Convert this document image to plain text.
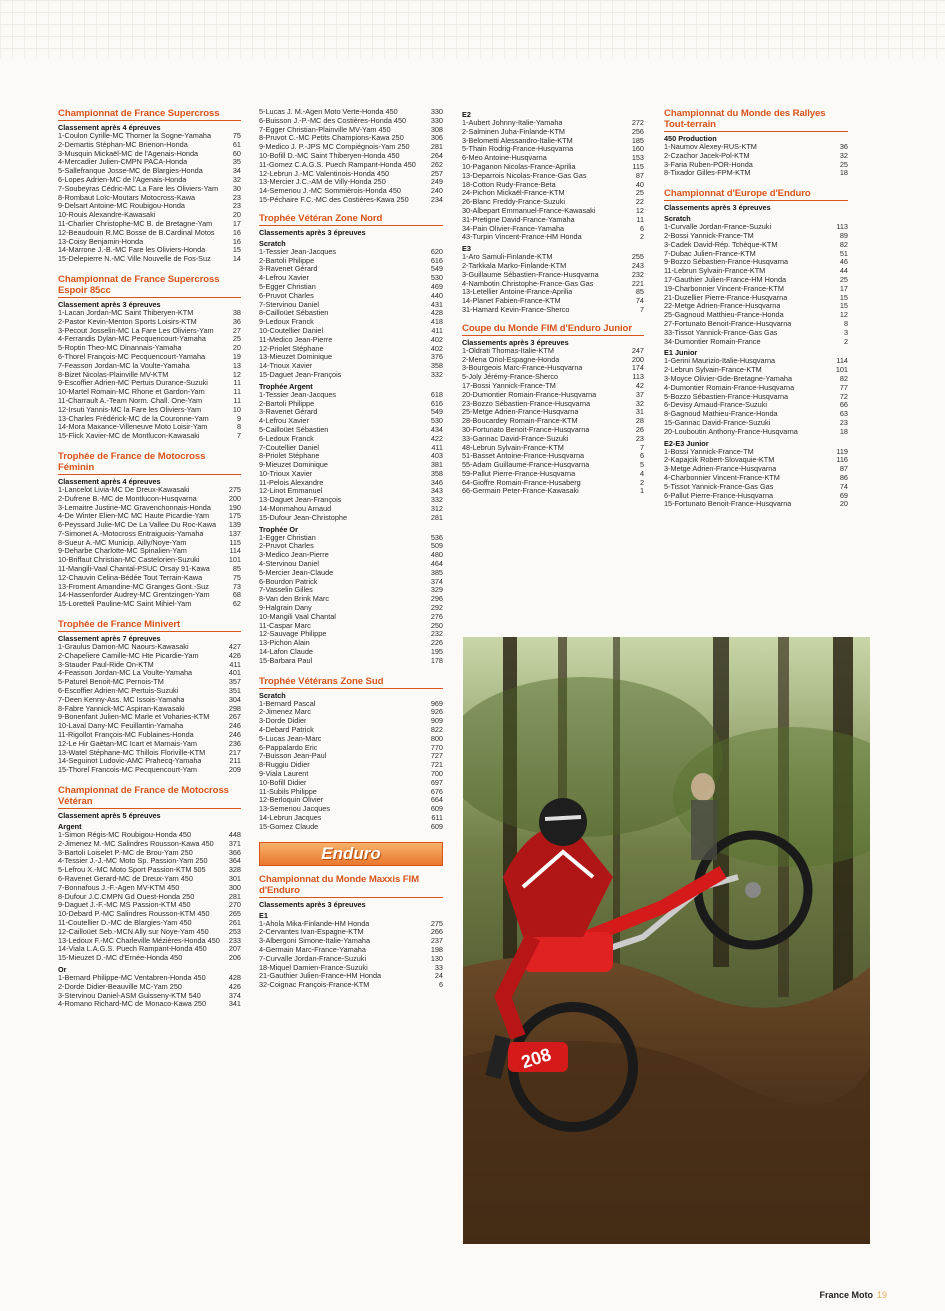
Championnat de France Supercross
Classement après 4 épreuves
1-Coulon Cyrille-MC Thorner la Sogne-Yamaha	75
2-Demartis Stéphan-MC Brienon-Honda	61
3-Musquin Mickaël-MC de l'Agenais-Honda	60
4-Mercadier Julien-CMPN PACA-Honda	35
5-Sallefranque Josse-MC de Blargies-Honda	34
6-Lopes Adrien-MC de l'Agenais-Honda	32
7-Soubeyras Cédric-MC La Fare les Oliviers-Yam 30
8-Rombaut Loïc-Moutars Motocross-Kawa	23
9-Delsart Antoine-MC Roubigou-Honda	23
10-Rouis Alexandre-Kawasaki	20
11-Charlier Christophe-MC B. de Bretagne-Yam	17
12-Beaudouin R.MC Bosse de B.Cardinal Motos	16
13-Coisy Benjamin-Honda	16
14-Marrone J.-B.-MC Fare les Oliviers-Honda	15
15-Delepierre N.-MC Ville Nouvelle de Fos-Suz	14
Championnat de France Supercross Espoir 85cc
Classement après 3 épreuves
1-Lacan Jordan-MC Saint Thiberyen-KTM	38
2-Pastor Kevin-Menton Sports Loisirs-KTM	36
3-Pecout Josselin-MC La Fare Les Oliviers-Yam	27
4-Ferrandis Dylan-MC Pecquencourt-Yamaha	25
5-Roptin Theo-MC Dinannais-Yamaha	20
6-Thorel François-MC Pecquencourt-Yamaha	19
7-Feasson Jordan-MC la Voulte-Yamaha	13
8-Bizet Nicolas-Plainville MV-KTM	12
9-Escoffier Adrien-MC Pertuis Durance-Suzuki	11
10-Martel Romain-MC Rhone et Gardon-Yam	11
11-Charrault A.-Team Norm. Chall. One-Yam	11
12-Irsuti Yannis-MC la Fare les Oliviers-Yam	10
13-Charles Frédérick-MC de la Couronne-Yam	9
14-Mora Maxance-Villeneuve Moto Loisir-Yam	8
15-Flick Xavier-MC de Montlucon-Kawasaki	7
Trophée de France de Motocross Féminin
Classement après 4 épreuves
1-Lancelot Livia-MC De Dreux-Kawasaki	275
2-Dufrene B.-MC de Montlucon-Husqvarna	200
3-Lemaitre Justine-MC Gravenchonnais-Honda 190
4-De Winter Elien-MC MC Haute Picardie-Yam	175
6-Peyssard Julie-MC De La Vallee Du Roc-Kawa 139
7-Simonet A.-Motocross Entraiguois-Yamaha	137
8-Sueur A.-MC Municip. Ailly/Noye-Yam	115
9-Deharbe Charlotte-MC Spinalien-Yam	114
10-Briffaut Christian-MC Castelorien-Suzuki	101
11-Mangili-Vaal Chantal-PSUC Orsay 91-Kawa	85
12-Chauvin Celina-Bédée Tout Terrain-Kawa	75
13-Froment Amandine-MC Granges Gont.-Suz	73
14-Hassenforder Audrey-MC Grentzingen-Yam	68
15-Loretteli Pauline-MC Saint Mihiel-Yam	62
Trophée de France Minivert
Classement après 7 épreuves
1-Graulus Damon-MC Naours-Kawasaki	427
2-Chapeliere Camille-MC Hte Picardie-Yam	426
3-Stauder Paul-Ride On-KTM	411
4-Feasson Jordan-MC La Voulte-Yamaha	401
5-Paturel Benoit-MC Pernois-TM	357
6-Escoffier Adrien-MC Pertuis-Suzuki	351
7-Deen Kenny-Ass. MC Issois-Yamaha	304
8-Fabre Yannick-MC Aspiran-Kawasaki	298
9-Bonenfant Julien-MC Marle et Voharies-KTM	267
10-Laval Dany-MC Feuillantin-Yamaha	246
11-Rigollot François-MC Fublaines-Honda	246
12-Le Hir Gaëtan-MC Icart et Marnais-Yam	236
13-Watel Stéphane-MC Thillois Floriville-KTM	217
14-Seguinot Ludovic-AMC Prahecq-Yamaha	211
15-Thorel Francois-MC Pecquencourt-Yam	209
Championnat de France de Motocross Vétéran
Classement après 5 épreuves
Argent
1-Simon Régis-MC Roubigou-Honda 450	448
2-Jimenez M.-MC Salindres Rousson-Kawa 450 371
3-Bartoli Loiselet P.-MC de Brou-Yam 250	366
4-Tessier J.-J.-MC Moto Sp. Passion-Yam 250	364
5-Lefrou X.-MC Moto Sport Passion-KTM 505	328
6-Ravenet Gerard-MC de Dreux-Yam 450	301
7-Bonnafous J.-F.-Agen MV-KTM 450	300
8-Dufour J.C.CMPN Gd Ouest-Honda 250	281
9-Daguet J.-F.-MC MS Passion-KTM 450	270
10-Debard P.-MC Salindres Rousson-KTM 450	265
11-Coutellier D.-MC de Blargies-Yam 450	261
12-Cailloüet Seb.-MCN Ally sur Noye-Yam 450	253
13-Ledoux F.-MC Charleville Mézières-Honda 450 233
14-Viala L.A.G.S. Puech Rampant-Honda 450	207
15-Mieuzet D.-MC d'Ernée-Honda 450	206
Or
1-Bernard Philippe-MC Ventabren-Honda 450	428
2-Dorde Didier-Beauville MC-Yam 250	426
3-Stervinou Daniel-ASM Guisseny-KTM 540	374
4-Romano Richard-MC de Monaco-Kawa 250	341
5-Lucas J. M.-Agen Moto Verte-Honda 450	330
6-Buisson J.-P.-MC des Costières-Honda 450	330
7-Egger Christian-Plainville MV-Yam 450	308
8-Pruvot C.-MC Petits Champions-Kawa 250	306
9-Medico J. P.-JPS MC Compiégnois-Yam 250	281
10-Bofill D.-MC Saint Thiberyen-Honda 450	264
11-Gomez C.A.G.S. Puech Rampant-Honda 450 262
12-Lebrun J.-MC Valentinois-Honda 450	257
13-Mercier J.C.-AM de Villy-Honda 250	249
14-Semenou J.-MC Sommièrois-Honda 450	240
15-Péchaire F.C.-MC des Costières-Kawa 250	234
Trophée Vétéran Zone Nord
Classements après 3 épreuves
Scratch
1-Tessier Jean-Jacques	620
2-Bartoli Philippe	616
3-Ravenet Gérard	549
4-Lefrou Xavier	530
5-Egger Christian	469
6-Pruvot Charles	440
7-Stervinou Daniel	431
8-Cailloüet Sébastien	428
9-Ledoux Franck	418
10-Coutellier Daniel	411
11-Medico Jean-Pierre	402
12-Priolet Stéphane	402
13-Mieuzet Dominique	376
14-Trioux Xavier	358
15-Daguet Jean-François	332
Trophée Argent
1-Tessier Jean-Jacques	618
2-Bartoli Philippe	616
3-Ravenet Gérard	549
4-Lefrou Xavier	530
5-Cailloüet Sébastien	434
6-Ledoux Franck	422
7-Coutellier Daniel	411
8-Priolet Stéphane	403
9-Mieuzet Dominique	381
10-Trioux Xavier	358
11-Pelois Alexandre	346
12-Linot Emmanuel	343
13-Daguet Jean-François	332
14-Monmahou Arnaud	312
15-Dufour Jean-Christophe	281
Trophée Or
1-Egger Christian	536
2-Pruvot Charles	509
3-Medico Jean-Pierre	480
4-Stervinou Daniel	464
5-Mercier Jean-Claude	385
6-Bourdon Patrick	374
7-Vasselin Gilles	329
8-Van den Brink Marc	296
9-Halgrain Dany	292
10-Mangili Vaal Chantal	276
11-Caspar Marc	250
12-Sauvage Philippe	232
13-Pichon Alain	226
14-Lafon Claude	195
15-Barbara Paul	178
Trophée Vétérans Zone Sud
Scratch
1-Bernard Pascal	969
2-Jimenez Marc	926
3-Dorde Didier	909
4-Debard Patrick	822
5-Lucas Jean-Marc	800
6-Pappalardo Eric	770
7-Buisson Jean-Paul	727
8-Ruggiu Didier	721
9-Viala Laurent	700
10-Bofill Didier	697
11-Subils Philippe	676
12-Berloquin Olivier	664
13-Semenou Jacques	609
14-Lebrun Jacques	611
15-Gomez Claude	609
Enduro
Championnat du Monde Maxxis FIM d'Enduro
Classements après 3 épreuves
E1
1-Ahola Mika-Finlande-HM Honda	275
2-Cervantes Ivan-Espagne-KTM	266
3-Albergoni Simone-Italie-Yamaha	237
4-Germain Marc-France-Yamaha	198
7-Curvalle Jordan-France-Suzuki	130
18-Miquel Damien-France-Suzuki	33
21-Gauthier Julien-France-HM Honda	24
32-Coignac François-France-KTM	6
E2
1-Aubert Johnny-Italie-Yamaha	272
2-Salminen Juha-Finlande-KTM	256
3-Belometti Alessandro-Italie-KTM	185
5-Thain Rodrig-France-Husqvarna	160
6-Meo Antoine-Husqvarna	153
10-Paganon Nicolas-France-Aprilia	115
13-Deparrois Nicolas-France-Gas Gas	87
18-Cotton Rudy-France-Beta	40
24-Pichon Mickaël-France-KTM	25
26-Blanc Freddy-France-Suzuki	22
30-Albepart Emmanuel-France-Kawasaki	12
31-Pretigne David-France-Yamaha	11
34-Pain Olivier-France-Yamaha	6
43-Turpin Vincent-France-HM Honda	2
E3
1-Aro Samuli-Finlande-KTM	255
2-Tarkkala Marko-Finlande-KTM	243
3-Guillaume Sébastien-France-Husqvarna	232
4-Nambotin Christophe-France-Gas Gas	221
13-Letellier Antoine-France-Aprilia	85
14-Planet Fabien-France-KTM	74
31-Hamard Kevin-France-Sherco	7
Coupe du Monde FIM d'Enduro Junior
Classements après 3 épreuves
1-Oldrati Thomas-Italie-KTM	247
2-Mena Oriol-Espagne-Honda	200
3-Bourgeois Marc-France-Husqvarna	174
5-Joly Jérémy-France-Sherco	113
17-Bossi Yannick-France-TM	42
20-Dumontier Romain-France-Husqvarna	37
23-Bozzo Sébastien-France-Husqvarna	32
25-Metge Adrien-France-Husqvarna	31
28-Boucardey Romain-France-KTM	28
30-Fortunato Benoit-France-Husqvarna	26
33-Gannac David-France-Suzuki	23
48-Lebrun Sylvain-France-KTM	7
51-Basset Antoine-France-Husqvarna	6
55-Adam Guillaume-France-Husqvarna	5
59-Pallut Pierre-France-Husqvarna	4
64-Gioffre Romain-France-Husaberg	2
66-Germain Peter-France-Kawasaki	1
Championnat du Monde des Rallyes Tout-terrain
450 Production
1-Naumov Alexey-RUS-KTM	36
2-Czachor Jacek-Pol-KTM	32
3-Faria Ruben-POR-Honda	25
8-Tixador Gilles-FPM-KTM	18
Championnat d'Europe d'Enduro
Classements après 3 épreuves
Scratch
1-Curvalle Jordan-France-Suzuki	113
2-Bossi Yannick-France-TM	89
3-Cadek David-Rép. Tchèque-KTM	82
7-Dubac Julien-France-KTM	51
9-Bozzo Sébastien-France-Husqvarna	46
11-Lebrun Sylvain-France-KTM	44
17-Gauthier Julien-France-HM Honda	25
19-Charbonnier Vincent-France-KTM	17
21-Duzellier Pierre-France-Husqvarna	15
22-Metge Adrien-France-Husqvarna	15
25-Gagnoud Matthieu-France-Honda	12
27-Fortunato Benoit-France-Husqvarna	8
33-Tissot Yannick-France-Gas Gas	3
34-Dumontier Romain-France	2
E1 Junior
1-Gerini Maurizio-Italie-Husqvarna	114
2-Lebrun Sylvain-France-KTM	101
3-Moyce Olivier-Gde-Bretagne-Yamaha	82
4-Dumontier Romain-France-Husqvarna	77
5-Bozzo Sébastien-France-Husqvarna	72
6-Devisy Arnaud-France-Suzuki	66
8-Gagnoud Mathieu-France-Honda	63
15-Gannac David-France-Suzuki	23
20-Louboutin Anthony-France-Husqvarna	18
E2-E3 Junior
1-Bossi Yannick-France-TM	119
2-Kapajcik Robert-Slovaquie-KTM	116
3-Metge Adrien-France-Husqvarna	87
4-Charbonnier Vincent-France-KTM	86
5-Tissot Yannick-France-Gas Gas	74
6-Pallut Pierre-France-Husqvarna	69
15-Fortunato Benoit-France-Husqvarna	20
208
France Moto 19
